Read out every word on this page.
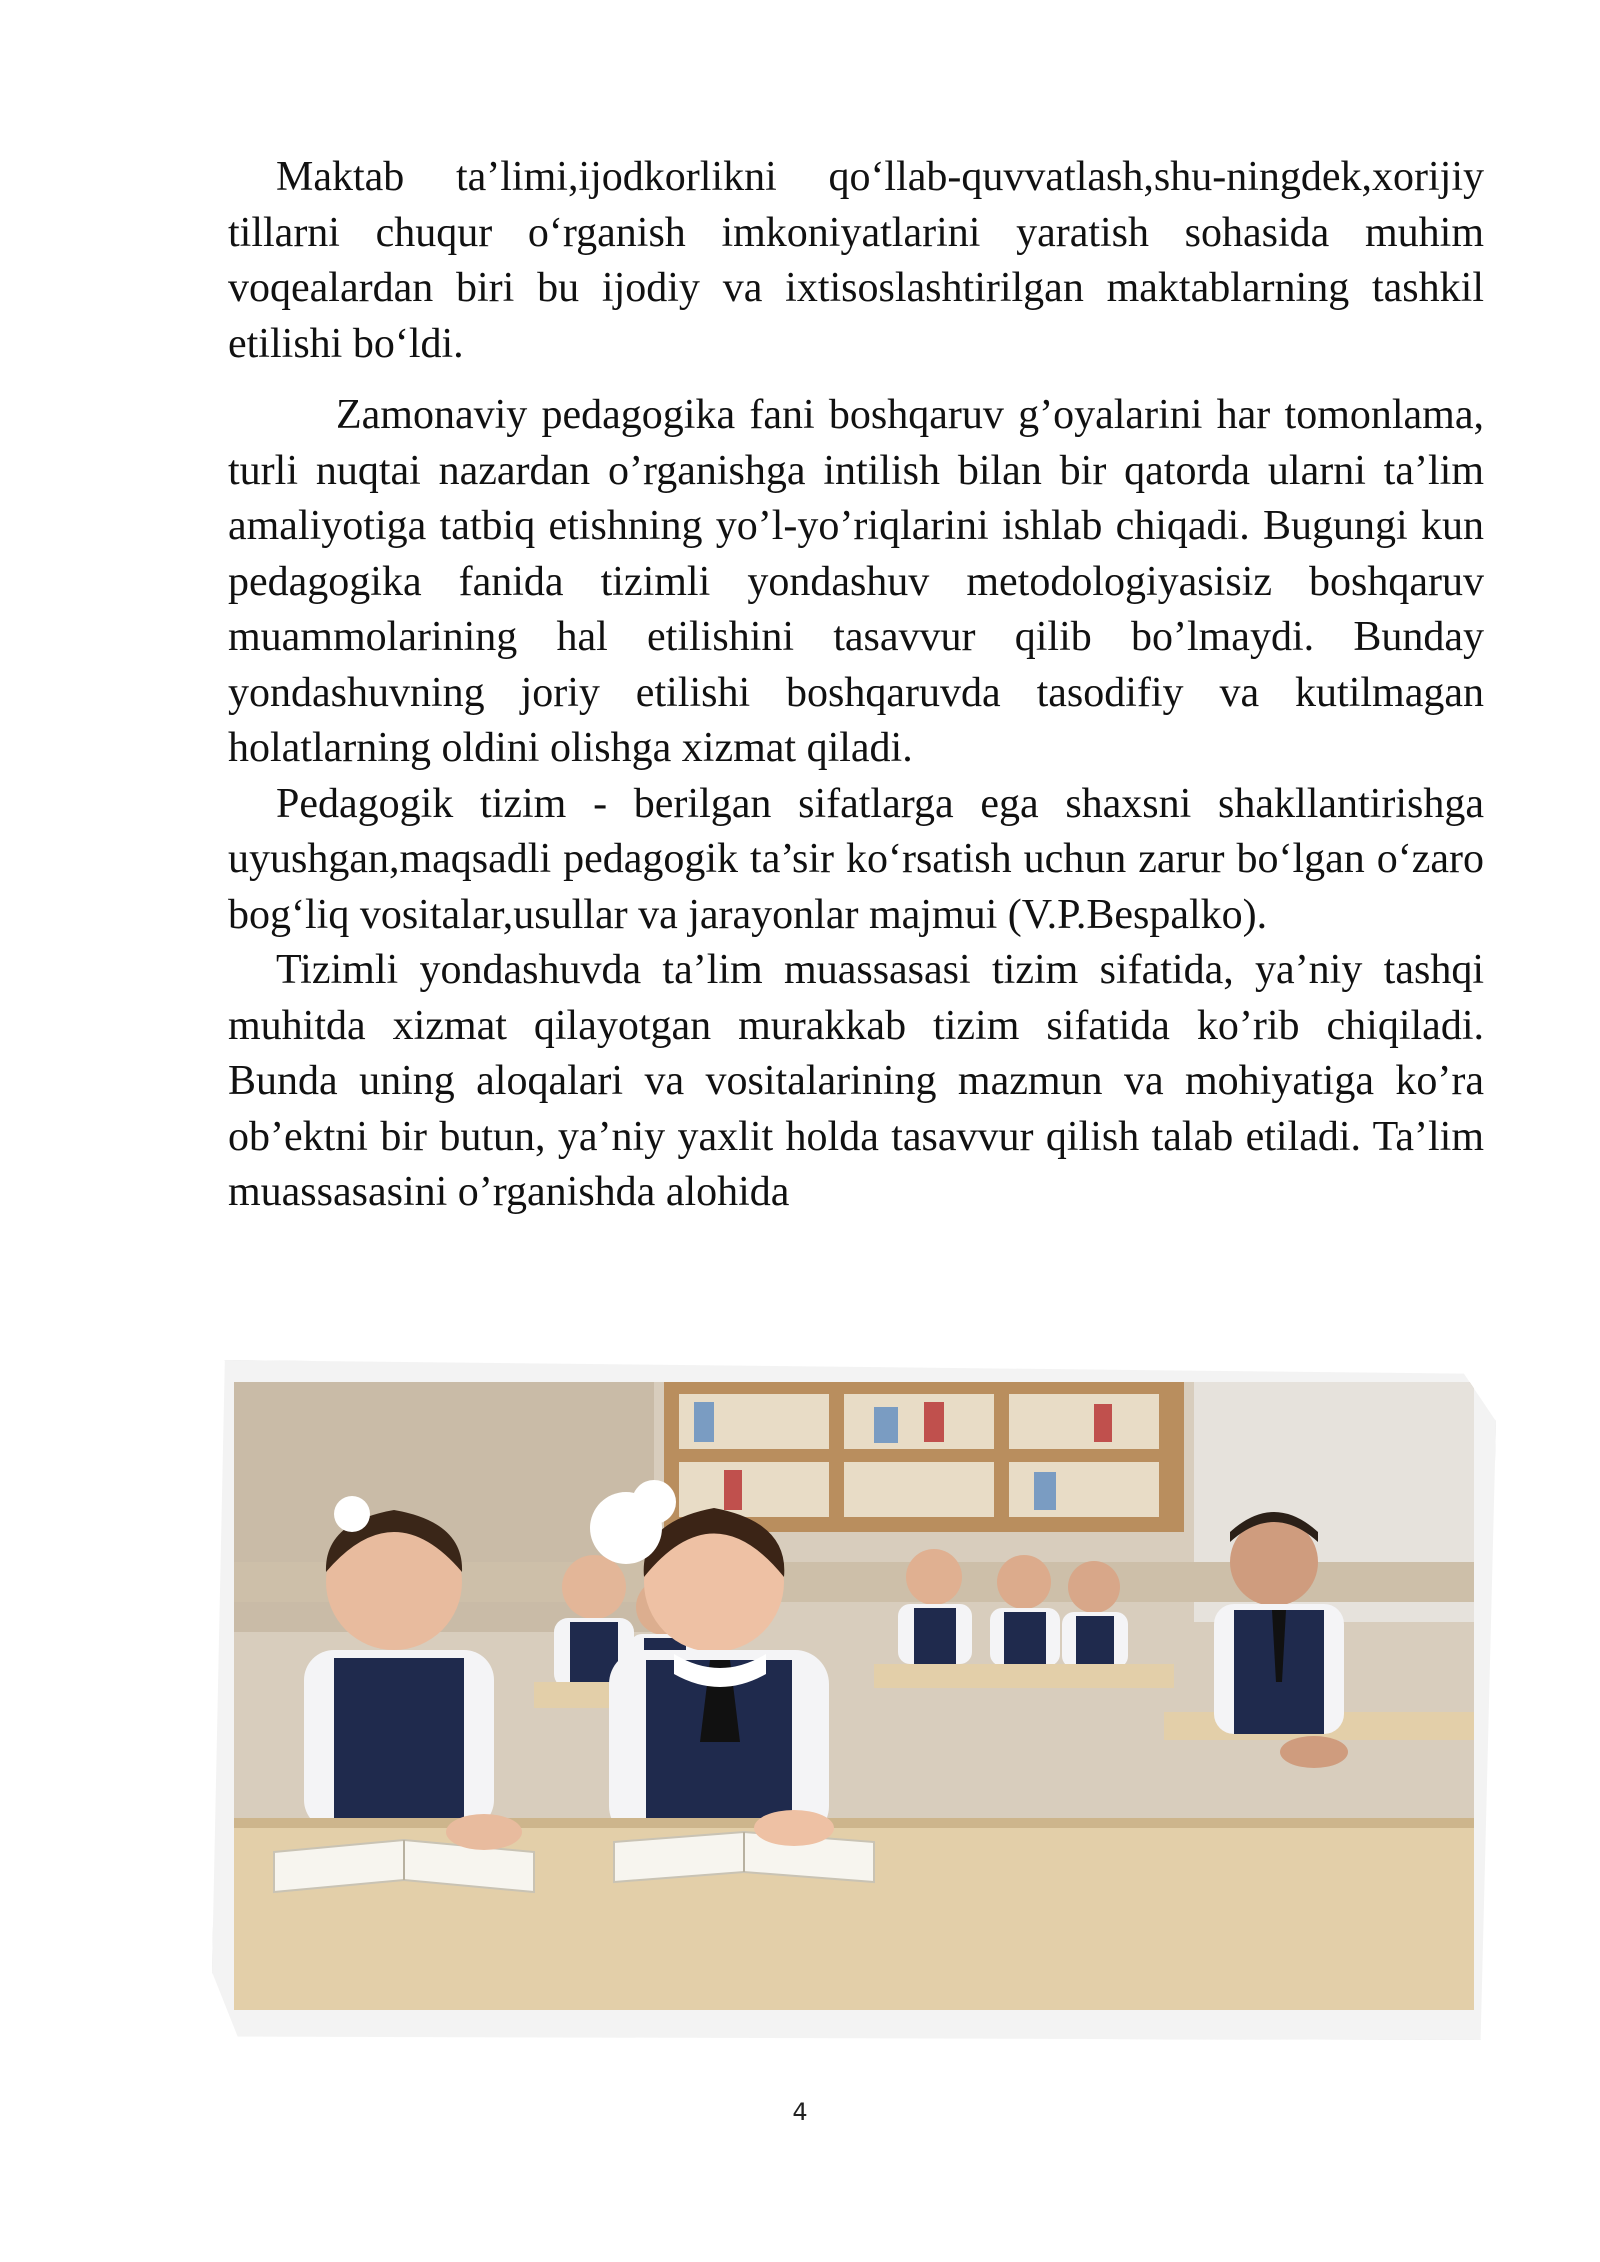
Maktab ta’limi,ijodkorlikni qo‘llab-quvvatlash,shu-ningdek,xorijiy tillarni chuqur o‘rganish imkoniyatlarini yaratish sohasida muhim voqealardan biri bu ijodiy va ixtisoslashtirilgan maktablarning tashkil etilishi bo‘ldi.

Zamonaviy pedagogika fani boshqaruv g’oyalarini har tomonlama, turli nuqtai nazardan o’rganishga intilish bilan bir qatorda ularni ta’lim amaliyotiga tatbiq etishning yo’l-yo’riqlarini ishlab chiqadi. Bugungi kun pedagogika fanida tizimli yondashuv metodologiyasisiz boshqaruv muammolarining hal etilishini tasavvur qilib bo’lmaydi. Bunday yondashuvning joriy etilishi boshqaruvda tasodifiy va kutilmagan holatlarning oldini olishga xizmat qiladi.

Pedagogik tizim - berilgan sifatlarga ega shaxsni shakllantirishga uyushgan,maqsadli pedagogik ta’sir ko‘rsatish uchun zarur bo‘lgan o‘zaro bog‘liq vositalar,usullar va jarayonlar majmui (V.P.Bespalko).

Tizimli yondashuvda ta’lim muassasasi tizim sifatida, ya’niy tashqi muhitda xizmat qilayotgan murakkab tizim sifatida ko’rib chiqiladi. Bunda uning aloqalari va vositalarining mazmun va mohiyatiga ko’ra ob’ektni bir butun, ya’niy yaxlit holda tasavvur qilish talab etiladi. Ta’lim muassasasini o’rganishda alohida

4
